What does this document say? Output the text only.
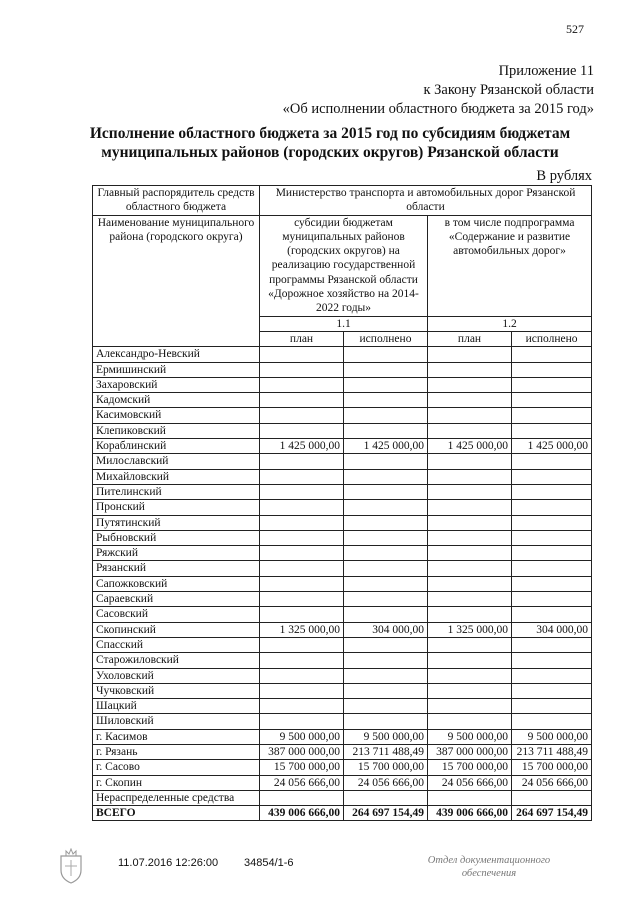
527
Приложение 11
к Закону Рязанской области
«Об исполнении областного бюджета за 2015 год»
Исполнение областного бюджета за 2015 год по субсидиям бюджетам
муниципальных районов (городских округов) Рязанской области
В рублях
Главный распорядитель средств областного бюджета	Министерство транспорта и автомобильных дорог Рязанской области			
Наименование муниципального района (городского округа)	субсидии бюджетам муниципальных районов (городских округов) на реализацию государственной программы Рязанской области «Дорожное хозяйство на 2014-2022 годы»		в том числе подпрограмма «Содержание и развитие автомобильных дорог»	
	1.1		1.2	
	план	исполнено	план	исполнено
Александро-Невский				
Ермишинский				
Захаровский				
Кадомский				
Касимовский				
Клепиковский				
Кораблинский	1 425 000,00	1 425 000,00	1 425 000,00	1 425 000,00
Милославский				
Михайловский				
Пителинский				
Пронский				
Путятинский				
Рыбновский				
Ряжский				
Рязанский				
Сапожковский				
Сараевский				
Сасовский				
Скопинский	1 325 000,00	304 000,00	1 325 000,00	304 000,00
Спасский				
Старожиловский				
Ухоловский				
Чучковский				
Шацкий				
Шиловский				
г. Касимов	9 500 000,00	9 500 000,00	9 500 000,00	9 500 000,00
г. Рязань	387 000 000,00	213 711 488,49	387 000 000,00	213 711 488,49
г. Сасово	15 700 000,00	15 700 000,00	15 700 000,00	15 700 000,00
г. Скопин	24 056 666,00	24 056 666,00	24 056 666,00	24 056 666,00
Нераспределенные средства				
ВСЕГО	439 006 666,00	264 697 154,49	439 006 666,00	264 697 154,49
11.07.2016 12:26:00 34854/1-6	Отдел документационного
обеспечения
